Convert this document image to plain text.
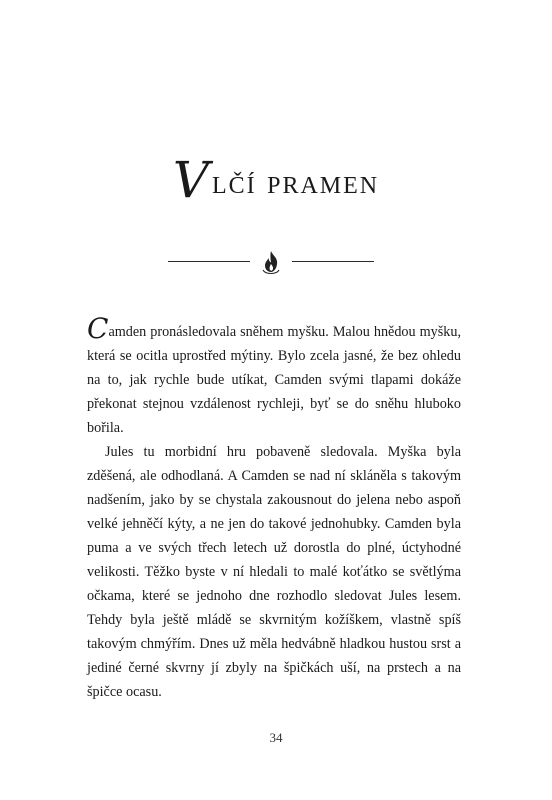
Vlčí pramen

Camden pronásledovala sněhem myšku. Malou hnědou myšku, která se ocitla uprostřed mýtiny. Bylo zcela jasné, že bez ohledu na to, jak rychle bude utíkat, Camden svými tlapami dokáže překonat stejnou vzdálenost rychleji, byť se do sněhu hluboko bořila.

Jules tu morbidní hru pobaveně sledovala. Myška byla zděšená, ale odhodlaná. A Camden se nad ní skláněla s takovým nadšením, jako by se chystala zakousnout do jelena nebo aspoň velké jehněčí kýty, a ne jen do takové jednohubky. Camden byla puma a ve svých třech letech už dorostla do plné, úctyhodné velikosti. Těžko byste v ní hledali to malé koťátko se světlýma očkama, které se jednoho dne rozhodlo sledovat Jules lesem. Tehdy byla ještě mládě se skvrnitým kožíškem, vlastně spíš takovým chmýřím. Dnes už měla hedvábně hladkou hustou srst a jediné černé skvrny jí zbyly na špičkách uší, na prstech a na špičce ocasu.

34
